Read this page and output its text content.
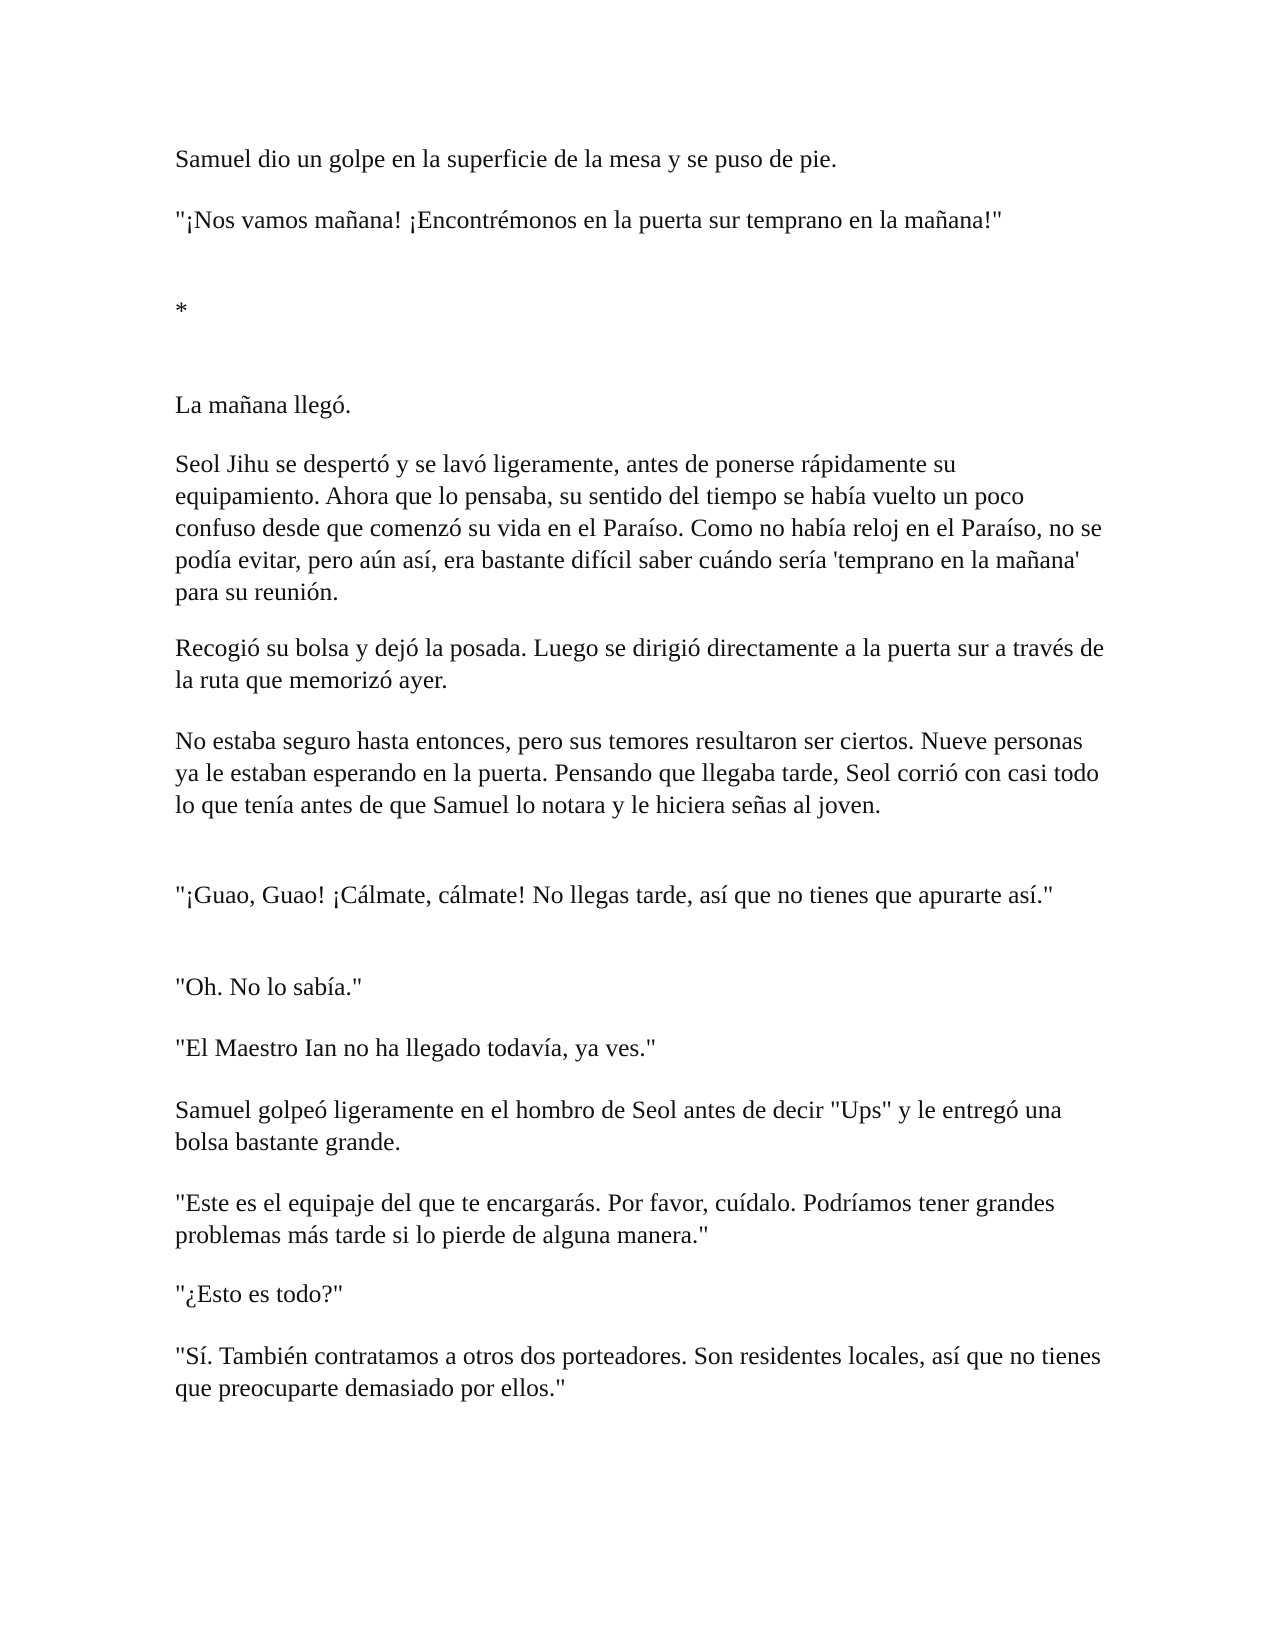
Samuel dio un golpe en la superficie de la mesa y se puso de pie.

"¡Nos vamos mañana! ¡Encontrémonos en la puerta sur temprano en la mañana!"

*

La mañana llegó.

Seol Jihu se despertó y se lavó ligeramente, antes de ponerse rápidamente su equipamiento. Ahora que lo pensaba, su sentido del tiempo se había vuelto un poco confuso desde que comenzó su vida en el Paraíso. Como no había reloj en el Paraíso, no se podía evitar, pero aún así, era bastante difícil saber cuándo sería 'temprano en la mañana' para su reunión.

Recogió su bolsa y dejó la posada. Luego se dirigió directamente a la puerta sur a través de la ruta que memorizó ayer.

No estaba seguro hasta entonces, pero sus temores resultaron ser ciertos. Nueve personas ya le estaban esperando en la puerta. Pensando que llegaba tarde, Seol corrió con casi todo lo que tenía antes de que Samuel lo notara y le hiciera señas al joven.

"¡Guao, Guao! ¡Cálmate, cálmate! No llegas tarde, así que no tienes que apurarte así."

"Oh. No lo sabía."

"El Maestro Ian no ha llegado todavía, ya ves."

Samuel golpeó ligeramente en el hombro de Seol antes de decir "Ups" y le entregó una bolsa bastante grande.

"Este es el equipaje del que te encargarás. Por favor, cuídalo. Podríamos tener grandes problemas más tarde si lo pierde de alguna manera."

"¿Esto es todo?"

"Sí. También contratamos a otros dos porteadores. Son residentes locales, así que no tienes que preocuparte demasiado por ellos."
